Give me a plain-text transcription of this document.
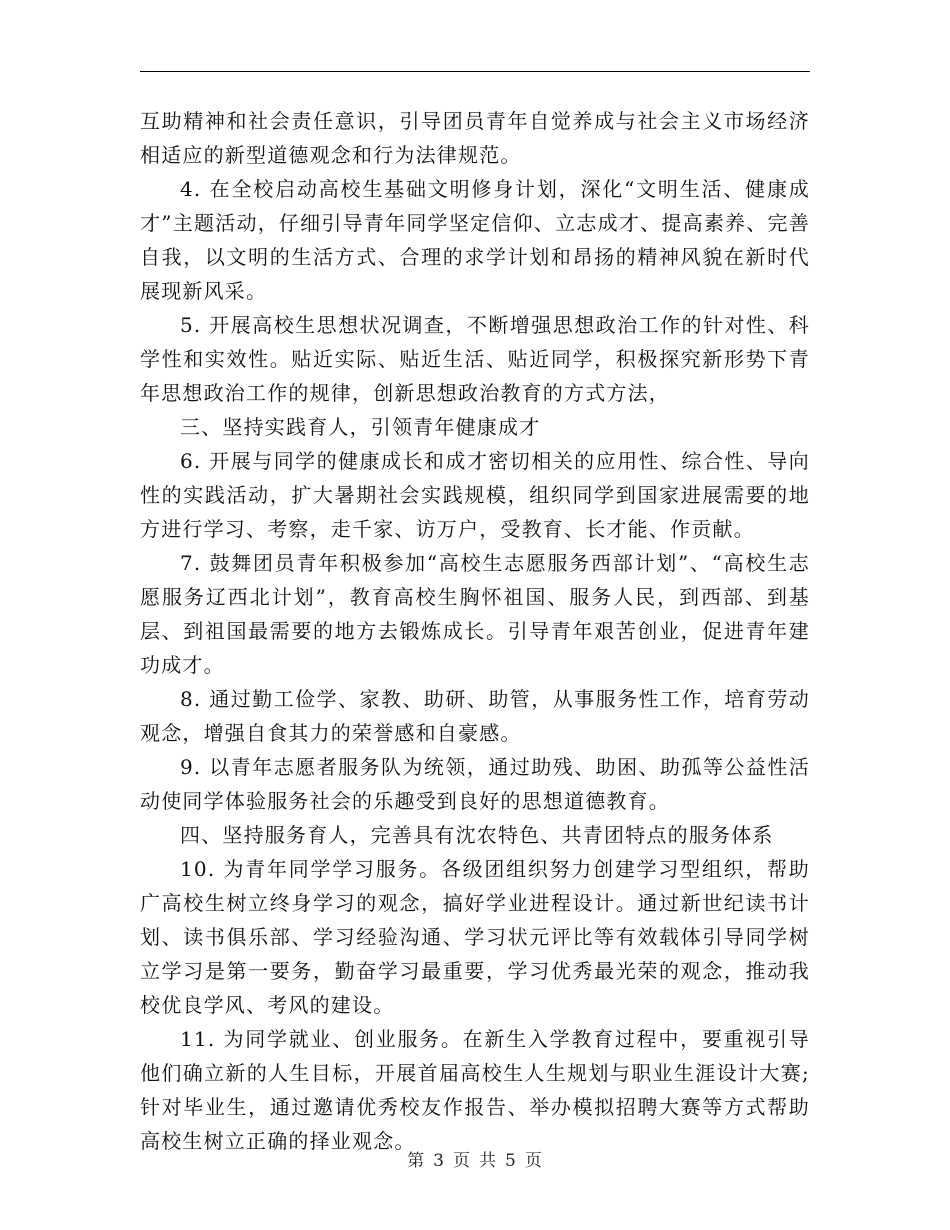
互助精神和社会责任意识，引导团员青年自觉养成与社会主义市场经济相适应的新型道德观念和行为法律规范。

4. 在全校启动高校生基础文明修身计划，深化“文明生活、健康成才”主题活动，仔细引导青年同学坚定信仰、立志成才、提高素养、完善自我，以文明的生活方式、合理的求学计划和昂扬的精神风貌在新时代展现新风采。

5. 开展高校生思想状况调查，不断增强思想政治工作的针对性、科学性和实效性。贴近实际、贴近生活、贴近同学，积极探究新形势下青年思想政治工作的规律，创新思想政治教育的方式方法，

三、坚持实践育人，引领青年健康成才

6. 开展与同学的健康成长和成才密切相关的应用性、综合性、导向性的实践活动，扩大暑期社会实践规模，组织同学到国家进展需要的地方进行学习、考察，走千家、访万户，受教育、长才能、作贡献。

7. 鼓舞团员青年积极参加“高校生志愿服务西部计划”、“高校生志愿服务辽西北计划”，教育高校生胸怀祖国、服务人民，到西部、到基层、到祖国最需要的地方去锻炼成长。引导青年艰苦创业，促进青年建功成才。

8. 通过勤工俭学、家教、助研、助管，从事服务性工作，培育劳动观念，增强自食其力的荣誉感和自豪感。

9. 以青年志愿者服务队为统领，通过助残、助困、助孤等公益性活动使同学体验服务社会的乐趣受到良好的思想道德教育。

四、坚持服务育人，完善具有沈农特色、共青团特点的服务体系

10. 为青年同学学习服务。各级团组织努力创建学习型组织，帮助广高校生树立终身学习的观念，搞好学业进程设计。通过新世纪读书计划、读书俱乐部、学习经验沟通、学习状元评比等有效载体引导同学树立学习是第一要务，勤奋学习最重要，学习优秀最光荣的观念，推动我校优良学风、考风的建设。

11. 为同学就业、创业服务。在新生入学教育过程中，要重视引导他们确立新的人生目标，开展首届高校生人生规划与职业生涯设计大赛;针对毕业生，通过邀请优秀校友作报告、举办模拟招聘大赛等方式帮助高校生树立正确的择业观念。

第 3 页 共 5 页
